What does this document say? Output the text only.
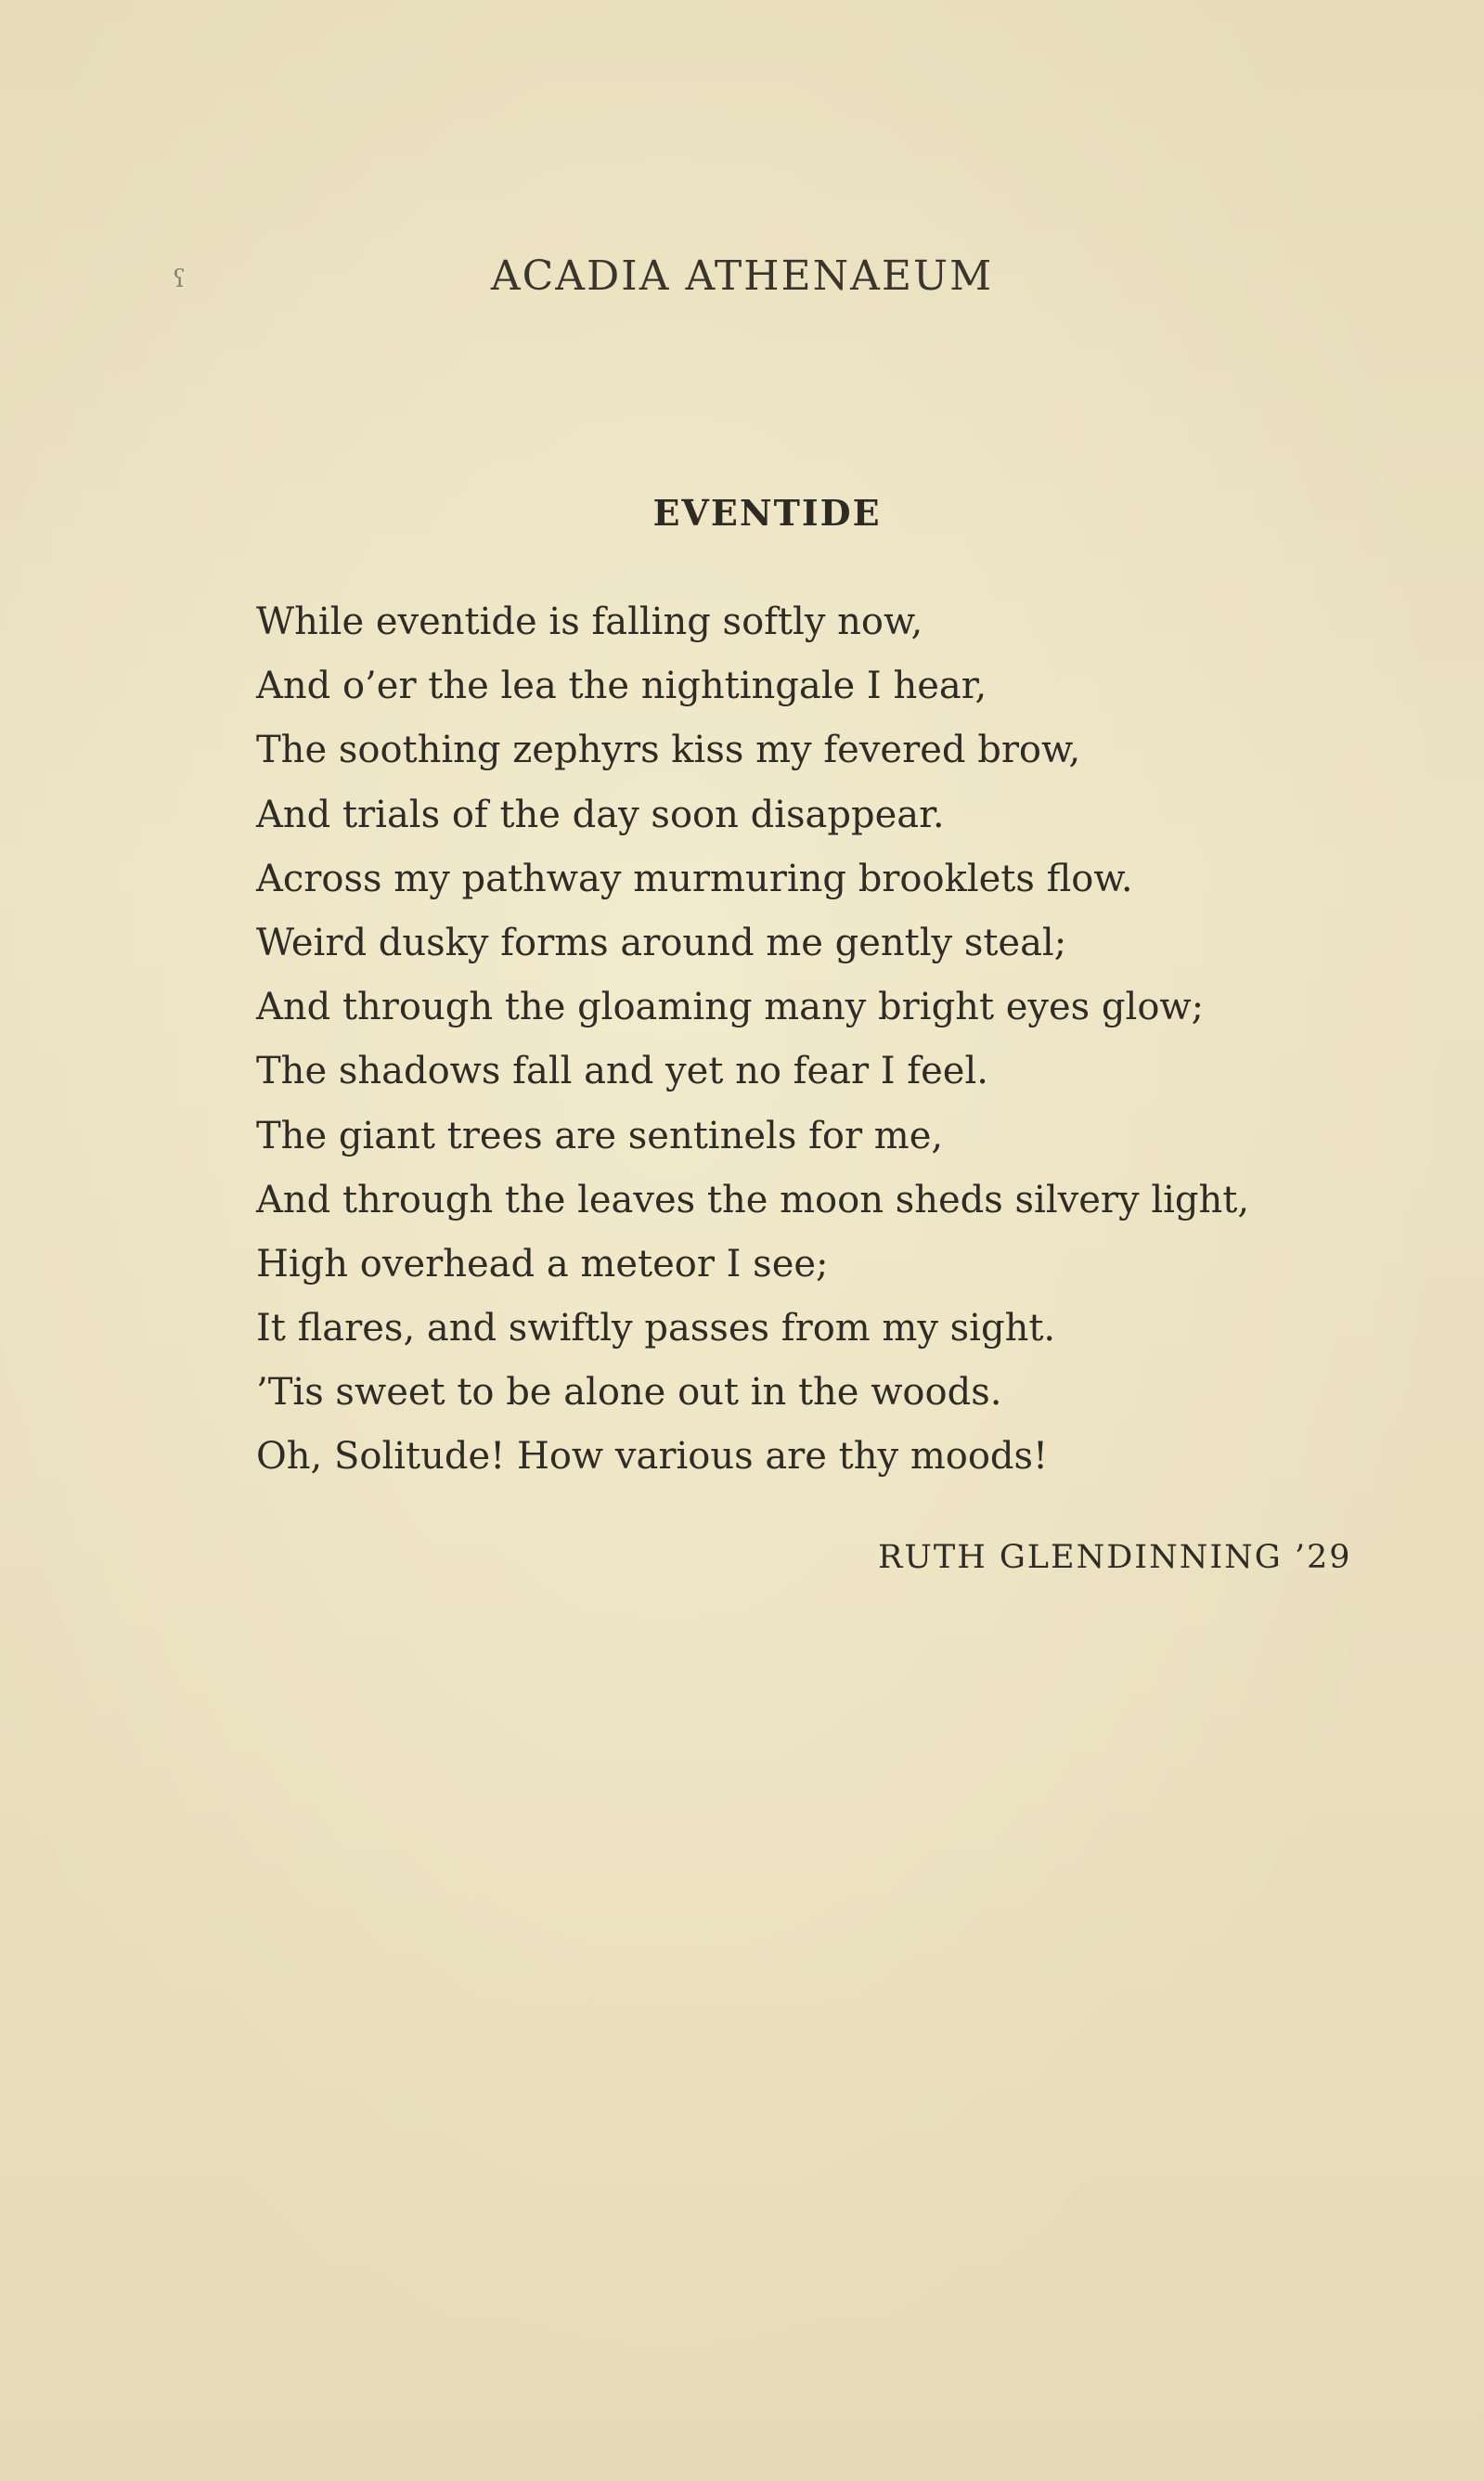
ʕ	ACADIA ATHENAEUM
EVENTIDE
While eventide is falling softly now,
And o’er the lea the nightingale I hear,
The soothing zephyrs kiss my fevered brow,
And trials of the day soon disappear.
Across my pathway murmuring brooklets flow.
Weird dusky forms around me gently steal;
And through the gloaming many bright eyes glow;
The shadows fall and yet no fear I feel.
The giant trees are sentinels for me,
And through the leaves the moon sheds silvery light,
High overhead a meteor I see;
It flares, and swiftly passes from my sight.
’Tis sweet to be alone out in the woods.
Oh, Solitude! How various are thy moods!
RUTH GLENDINNING ’29
